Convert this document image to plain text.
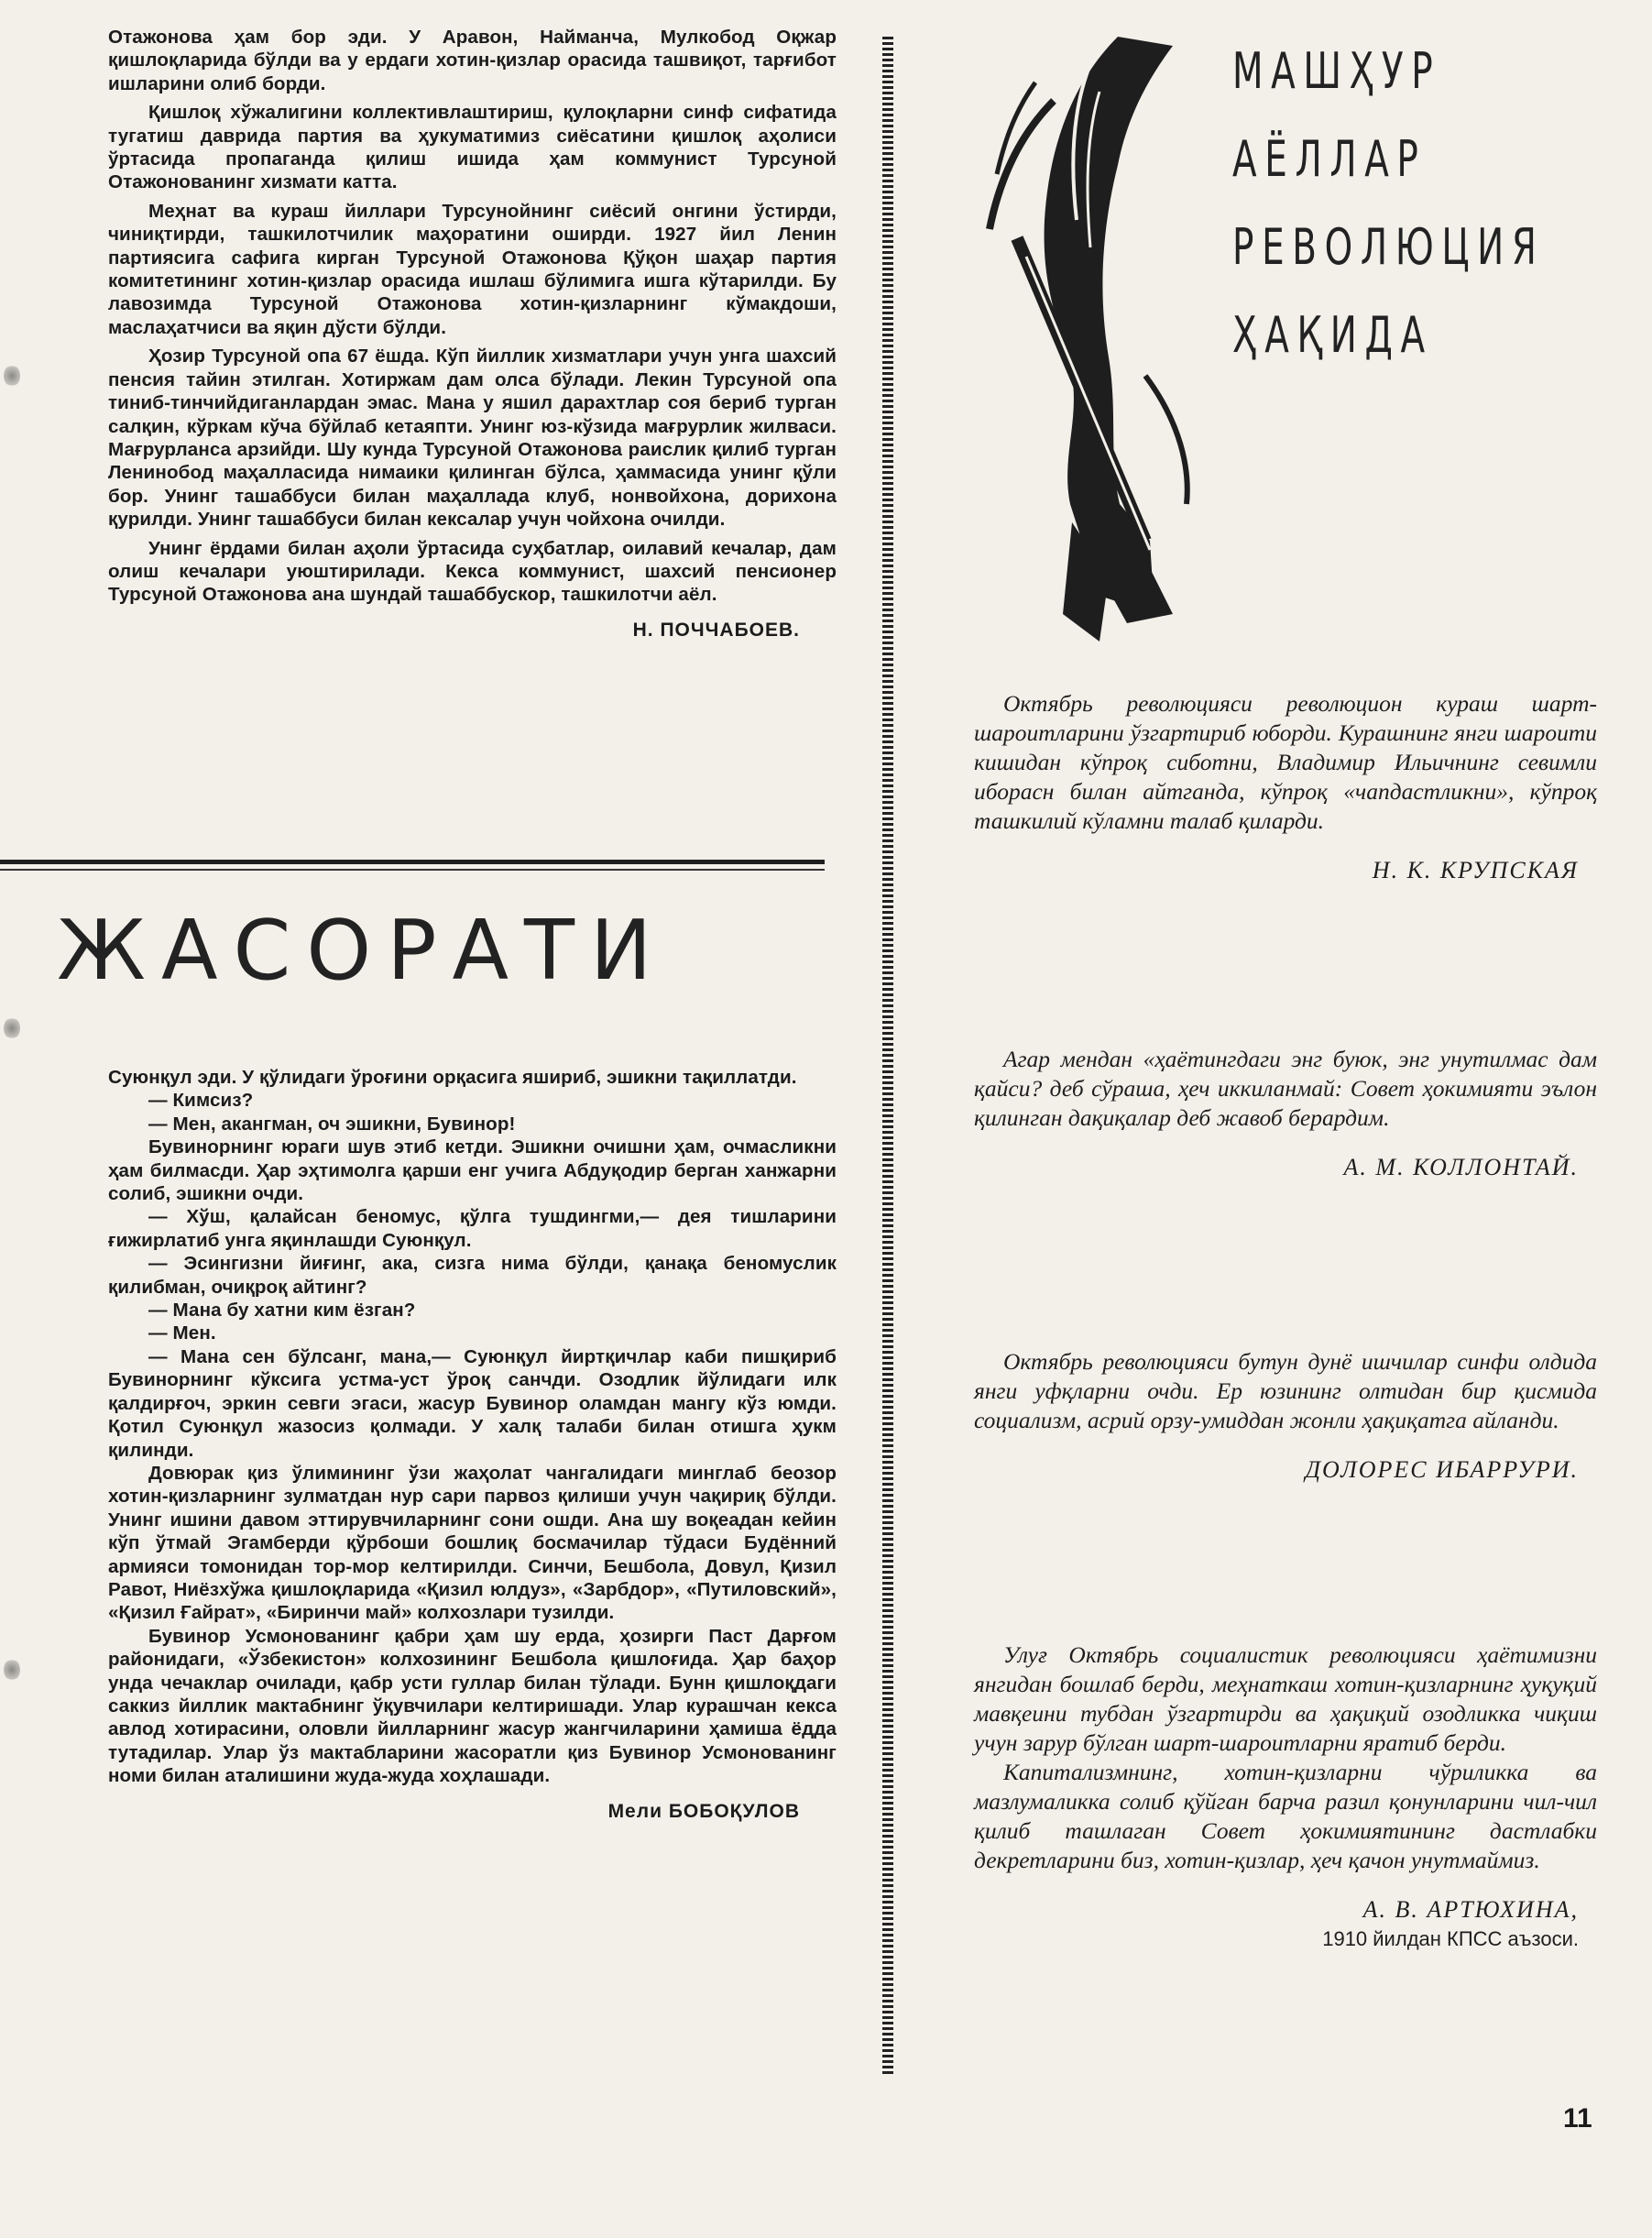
Отажонова ҳам бор эди. У Аравон, Найманча, Мулкобод Оқжар қишлоқларида бўлди ва у ердаги хотин-қизлар орасида ташвиқот, тарғибот ишларини олиб борди.

Қишлоқ хўжалигини коллективлаштириш, қулоқларни синф сифатида тугатиш даврида партия ва ҳукуматимиз сиёсатини қишлоқ аҳолиси ўртасида пропаганда қилиш ишида ҳам коммунист Турсуной Отажонованинг хизмати катта.

Меҳнат ва кураш йиллари Турсунойнинг сиёсий онгини ўстирди, чиниқтирди, ташкилотчилик маҳоратини оширди. 1927 йил Ленин партиясига сафига кирган Турсуной Отажонова Қўқон шаҳар партия комитетининг хотин-қизлар орасида ишлаш бўлимига ишга кўтарилди. Бу лавозимда Турсуной Отажонова хотин-қизларнинг кўмакдоши, маслаҳатчиси ва яқин дўсти бўлди.

Ҳозир Турсуной опа 67 ёшда. Кўп йиллик хизматлари учун унга шахсий пенсия тайин этилган. Хотиржам дам олса бўлади. Лекин Турсуной опа тиниб-тинчийдиганлардан эмас. Мана у яшил дарахтлар соя бериб турган салқин, кўркам кўча бўйлаб кетаяпти. Унинг юз-кўзида мағрурлик жилваси. Мағрурланса арзийди. Шу кунда Турсуной Отажонова раислик қилиб турган Ленинобод маҳалласида нимаики қилинган бўлса, ҳаммасида унинг қўли бор. Унинг ташаббуси билан маҳаллада клуб, нонвойхона, дорихона қурилди. Унинг ташаббуси билан кексалар учун чойхона очилди.

Унинг ёрдами билан аҳоли ўртасида суҳбатлар, оилавий кечалар, дам олиш кечалари уюштирилади. Кекса коммунист, шахсий пенсионер Турсуной Отажонова ана шундай ташаббускор, ташкилотчи аёл.

Н. ПОЧЧАБОЕВ.
ЖАСОРАТИ

Суюнқул эди. У қўлидаги ўроғини орқасига яшириб, эшикни тақиллатди.

— Кимсиз?

— Мен, акангман, оч эшикни, Бувинор!

Бувинорнинг юраги шув этиб кетди. Эшикни очишни ҳам, очмасликни ҳам билмасди. Ҳар эҳтимолга қарши енг учига Абдуқодир берган ханжарни солиб, эшикни очди.

— Хўш, қалайсан беномус, қўлга тушдингми,— дея тишларини ғижирлатиб унга яқинлашди Суюнқул.

— Эсингизни йиғинг, ака, сизга нима бўлди, қанақа беномуслик қилибман, очиқроқ айтинг?

— Мана бу хатни ким ёзган?

— Мен.

— Мана сен бўлсанг, мана,— Суюнқул йиртқичлар каби пишқириб Бувинорнинг кўксига устма-уст ўроқ санчди. Озодлик йўлидаги илк қалдирғоч, эркин севги эгаси, жасур Бувинор оламдан мангу кўз юмди. Қотил Суюнқул жазосиз қолмади. У халқ талаби билан отишга ҳукм қилинди.

Довюрак қиз ўлимининг ўзи жаҳолат чангалидаги минглаб беозор хотин-қизларнинг зулматдан нур сари парвоз қилиши учун чақириқ бўлди. Унинг ишини давом эттирувчиларнинг сони ошди. Ана шу воқеадан кейин кўп ўтмай Эгамберди қўрбоши бошлиқ босмачилар тўдаси Будённий армияси томонидан тор-мор келтирилди. Синчи, Бешбола, Довул, Қизил Равот, Ниёзхўжа қишлоқларида «Қизил юлдуз», «Зарбдор», «Путиловский», «Қизил Ғайрат», «Биринчи май» колхозлари тузилди.

Бувинор Усмонованинг қабри ҳам шу ерда, ҳозирги Паст Дарғом районидаги, «Ўзбекистон» колхозининг Бешбола қишлоғида. Ҳар баҳор унда чечаклар очилади, қабр усти гуллар билан тўлади. Бунн қишлоқдаги саккиз йиллик мактабнинг ўқувчилари келтиришади. Улар курашчан кекса авлод хотирасини, оловли йилларнинг жасур жангчиларини ҳамиша ёдда тутадилар. Улар ўз мактабларини жасоратли қиз Бувинор Усмонованинг номи билан аталишини жуда-жуда хоҳлашади.

Мели БОБОҚУЛОВ
МАШҲУР
АЁЛЛАР
РЕВОЛЮЦИЯ
ҲАҚИДА

Октябрь революцияси революцион кураш шарт-шароитларини ўзгартириб юборди. Курашнинг янги шароити кишидан кўпроқ сиботни, Владимир Ильичнинг севимли иборасн билан айтганда, кўпроқ «чапдастликни», кўпроқ ташкилий кўламни талаб қиларди.

Н. К. КРУПСКАЯ

Агар мендан «ҳаётингдаги энг буюк, энг унутилмас дам қайси? деб сўраша, ҳеч иккиланмай: Совет ҳокимияти эълон қилинган дақиқалар деб жавоб берардим.

А. М. КОЛЛОНТАЙ.

Октябрь революцияси бутун дунё ишчилар синфи олдида янги уфқларни очди. Ер юзининг олтидан бир қисмида социализм, асрий орзу-умиддан жонли ҳақиқатга айланди.

ДОЛОРЕС ИБАРРУРИ.

Улуғ Октябрь социалистик революцияси ҳаётимизни янгидан бошлаб берди, меҳнаткаш хотин-қизларнинг ҳуқуқий мавқеини тубдан ўзгартирди ва ҳақиқий озодликка чиқиш учун зарур бўлган шарт-шароитларни яратиб берди.

Капитализмнинг, хотин-қизларни чўриликка ва мазлумаликка солиб қўйган барча разил қонунларини чил-чил қилиб ташлаган Совет ҳокимиятининг дастлабки декретларини биз, хотин-қизлар, ҳеч қачон унутмаймиз.

А. В. АРТЮХИНА,
1910 йилдан КПСС аъзоси.
11
